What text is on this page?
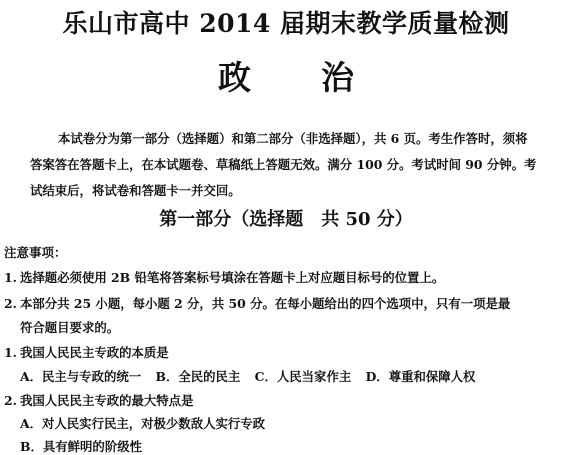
乐山市高中 2014 届期末教学质量检测
政治
本试卷分为第一部分（选择题）和第二部分（非选择题），共 6 页。考生作答时，须将
答案答在答题卡上，在本试题卷、草稿纸上答题无效。满分 100 分。考试时间 90 分钟。考
试结束后，将试卷和答题卡一并交回。
第一部分（选择题　共 50 分）
注意事项：
1. 选择题必须使用 2B 铅笔将答案标号填涂在答题卡上对应题目标号的位置上。
2. 本部分共 25 小题，每小题 2 分，共 50 分。在每小题给出的四个选项中，只有一项是最
符合题目要求的。
1. 我国人民民主专政的本质是
A．民主与专政的统一 B．全民的民主 C．人民当家作主 D．尊重和保障人权
2. 我国人民民主专政的最大特点是
A．对人民实行民主，对极少数敌人实行专政
B．具有鲜明的阶级性
